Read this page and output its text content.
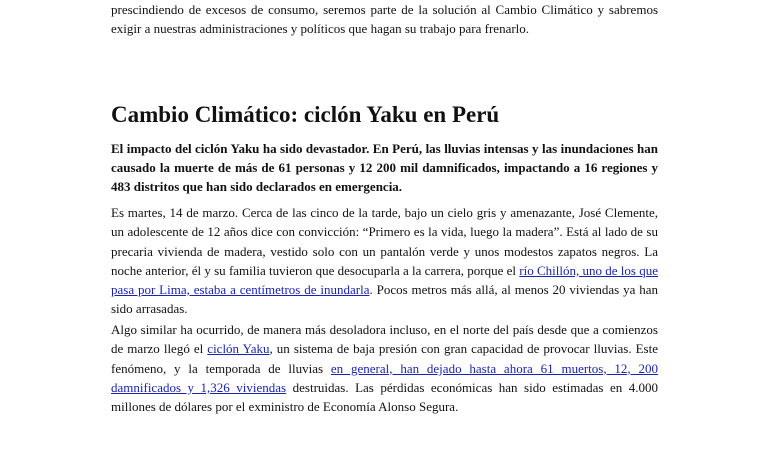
prescindiendo de excesos de consumo, seremos parte de la solución al Cambio Climático y sabremos exigir a nuestras administraciones y políticos que hagan su trabajo para frenarlo.

Cambio Climático: ciclón Yaku en Perú

El impacto del ciclón Yaku ha sido devastador. En Perú, las lluvias intensas y las inundaciones han causado la muerte de más de 61 personas y 12 200 mil damnificados, impactando a 16 regiones y 483 distritos que han sido declarados en emergencia.

Es martes, 14 de marzo. Cerca de las cinco de la tarde, bajo un cielo gris y amenazante, José Clemente, un adolescente de 12 años dice con convicción: “Primero es la vida, luego la madera”. Está al lado de su precaria vivienda de madera, vestido solo con un pantalón verde y unos modestos zapatos negros. La noche anterior, él y su familia tuvieron que desocuparla a la carrera, porque el río Chillón, uno de los que pasa por Lima, estaba a centímetros de inundarla. Pocos metros más allá, al menos 20 viviendas ya han sido arrasadas.

Algo similar ha ocurrido, de manera más desoladora incluso, en el norte del país desde que a comienzos de marzo llegó el ciclón Yaku, un sistema de baja presión con gran capacidad de provocar lluvias. Este fenómeno, y la temporada de lluvias en general, han dejado hasta ahora 61 muertos, 12, 200 damnificados y 1,326 viviendas destruidas. Las pérdidas económicas han sido estimadas en 4.000 millones de dólares por el exministro de Economía Alonso Segura.
